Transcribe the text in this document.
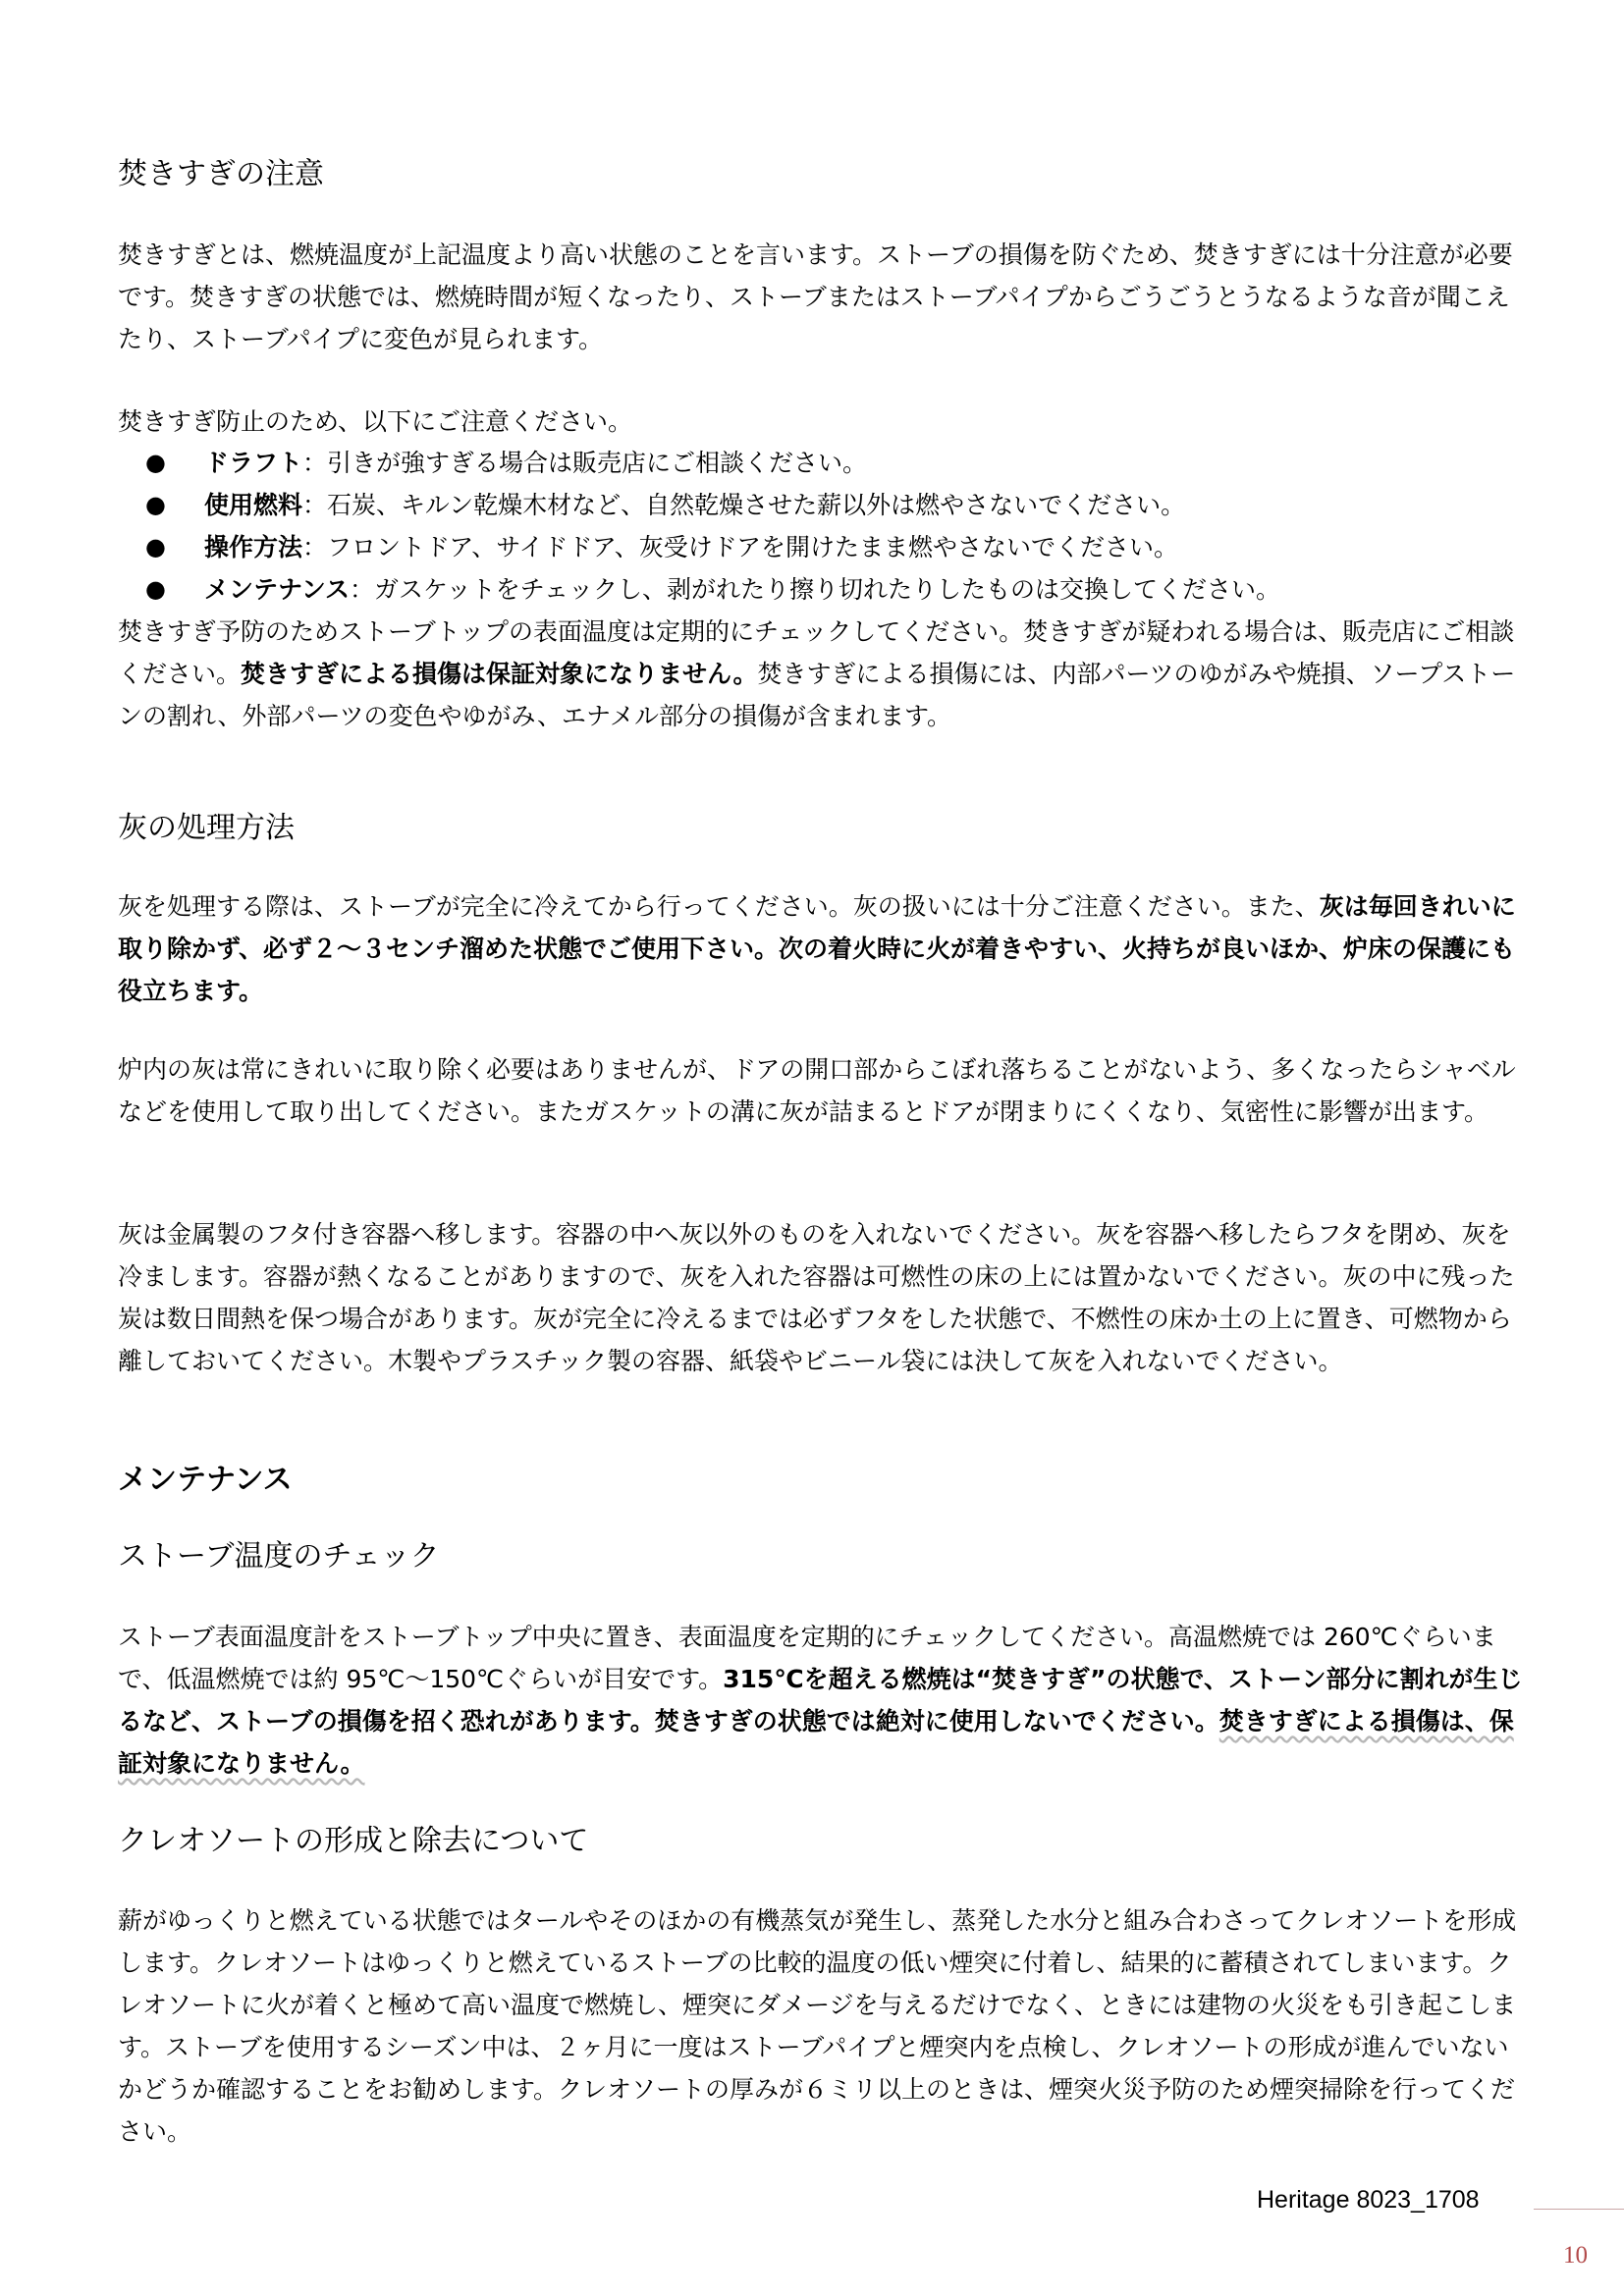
焚きすぎの注意

焚きすぎとは、燃焼温度が上記温度より高い状態のことを言います。ストーブの損傷を防ぐため、焚きすぎには十分注意が必要です。焚きすぎの状態では、燃焼時間が短くなったり、ストーブまたはストーブパイプからごうごうとうなるような音が聞こえたり、ストーブパイプに変色が見られます。

焚きすぎ防止のため、以下にご注意ください。

● ドラフト：引きが強すぎる場合は販売店にご相談ください。
● 使用燃料：石炭、キルン乾燥木材など、自然乾燥させた薪以外は燃やさないでください。
● 操作方法：フロントドア、サイドドア、灰受けドアを開けたまま燃やさないでください。
● メンテナンス：ガスケットをチェックし、剥がれたり擦り切れたりしたものは交換してください。

焚きすぎ予防のためストーブトップの表面温度は定期的にチェックしてください。焚きすぎが疑われる場合は、販売店にご相談ください。焚きすぎによる損傷は保証対象になりません。焚きすぎによる損傷には、内部パーツのゆがみや焼損、ソープストーンの割れ、外部パーツの変色やゆがみ、エナメル部分の損傷が含まれます。

灰の処理方法

灰を処理する際は、ストーブが完全に冷えてから行ってください。灰の扱いには十分ご注意ください。また、灰は毎回きれいに取り除かず、必ず２～３センチ溜めた状態でご使用下さい。次の着火時に火が着きやすい、火持ちが良いほか、炉床の保護にも役立ちます。

炉内の灰は常にきれいに取り除く必要はありませんが、ドアの開口部からこぼれ落ちることがないよう、多くなったらシャベルなどを使用して取り出してください。またガスケットの溝に灰が詰まるとドアが閉まりにくくなり、気密性に影響が出ます。

灰は金属製のフタ付き容器へ移します。容器の中へ灰以外のものを入れないでください。灰を容器へ移したらフタを閉め、灰を冷まします。容器が熱くなることがありますので、灰を入れた容器は可燃性の床の上には置かないでください。灰の中に残った炭は数日間熱を保つ場合があります。灰が完全に冷えるまでは必ずフタをした状態で、不燃性の床か土の上に置き、可燃物から離しておいてください。木製やプラスチック製の容器、紙袋やビニール袋には決して灰を入れないでください。

メンテナンス
ストーブ温度のチェック

ストーブ表面温度計をストーブトップ中央に置き、表面温度を定期的にチェックしてください。高温燃焼では 260℃ぐらいまで、低温燃焼では約 95℃～150℃ぐらいが目安です。315℃を超える燃焼は“焚きすぎ”の状態で、ストーン部分に割れが生じるなど、ストーブの損傷を招く恐れがあります。焚きすぎの状態では絶対に使用しないでください。焚きすぎによる損傷は、保証対象になりません。

クレオソートの形成と除去について

薪がゆっくりと燃えている状態ではタールやそのほかの有機蒸気が発生し、蒸発した水分と組み合わさってクレオソートを形成します。クレオソートはゆっくりと燃えているストーブの比較的温度の低い煙突に付着し、結果的に蓄積されてしまいます。クレオソートに火が着くと極めて高い温度で燃焼し、煙突にダメージを与えるだけでなく、ときには建物の火災をも引き起こします。ストーブを使用するシーズン中は、２ヶ月に一度はストーブパイプと煙突内を点検し、クレオソートの形成が進んでいないかどうか確認することをお勧めします。クレオソートの厚みが６ミリ以上のときは、煙突火災予防のため煙突掃除を行ってください。

Heritage 8023_1708
10
